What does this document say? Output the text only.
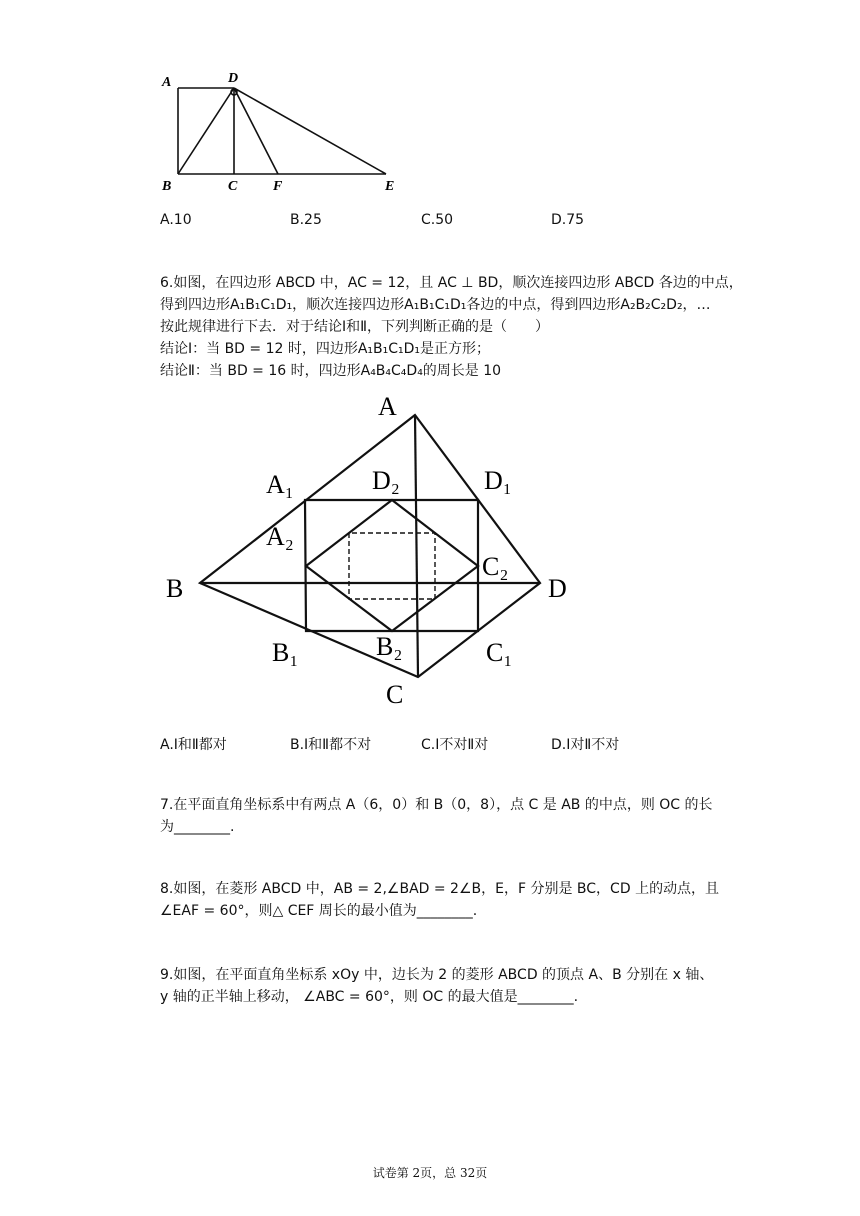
A	D
B	C	F	E
A.10	B.25	C.50	D.75
6.如图，在四边形 ABCD 中，AC = 12，且 AC ⊥ BD，顺次连接四边形 ABCD 各边的中点，
得到四边形A₁B₁C₁D₁，顺次连接四边形A₁B₁C₁D₁各边的中点，得到四边形A₂B₂C₂D₂，…
按此规律进行下去．对于结论Ⅰ和Ⅱ，下列判断正确的是（　　）
结论Ⅰ：当 BD = 12 时，四边形A₁B₁C₁D₁是正方形；
结论Ⅱ：当 BD = 16 时，四边形A₄B₄C₄D₄的周长是 10
A
B
C
D
A₁
B₁	C₁
D₁
A₂
B₂
C₂
D₂
A.Ⅰ和Ⅱ都对	B.Ⅰ和Ⅱ都不对	C.Ⅰ不对Ⅱ对	D.Ⅰ对Ⅱ不对
7.在平面直角坐标系中有两点 A（6，0）和 B（0，8），点 C 是 AB 的中点，则 OC 的长
为________.
8.如图，在菱形 ABCD 中，AB = 2,∠BAD = 2∠B，E，F 分别是 BC，CD 上的动点，且
∠EAF = 60°，则△ CEF 周长的最小值为________.
9.如图，在平面直角坐标系 xOy 中，边长为 2 的菱形 ABCD 的顶点 A、B 分别在 x 轴、
y 轴的正半轴上移动， ∠ABC = 60°，则 OC 的最大值是________.
试卷第 2页，总 32页
